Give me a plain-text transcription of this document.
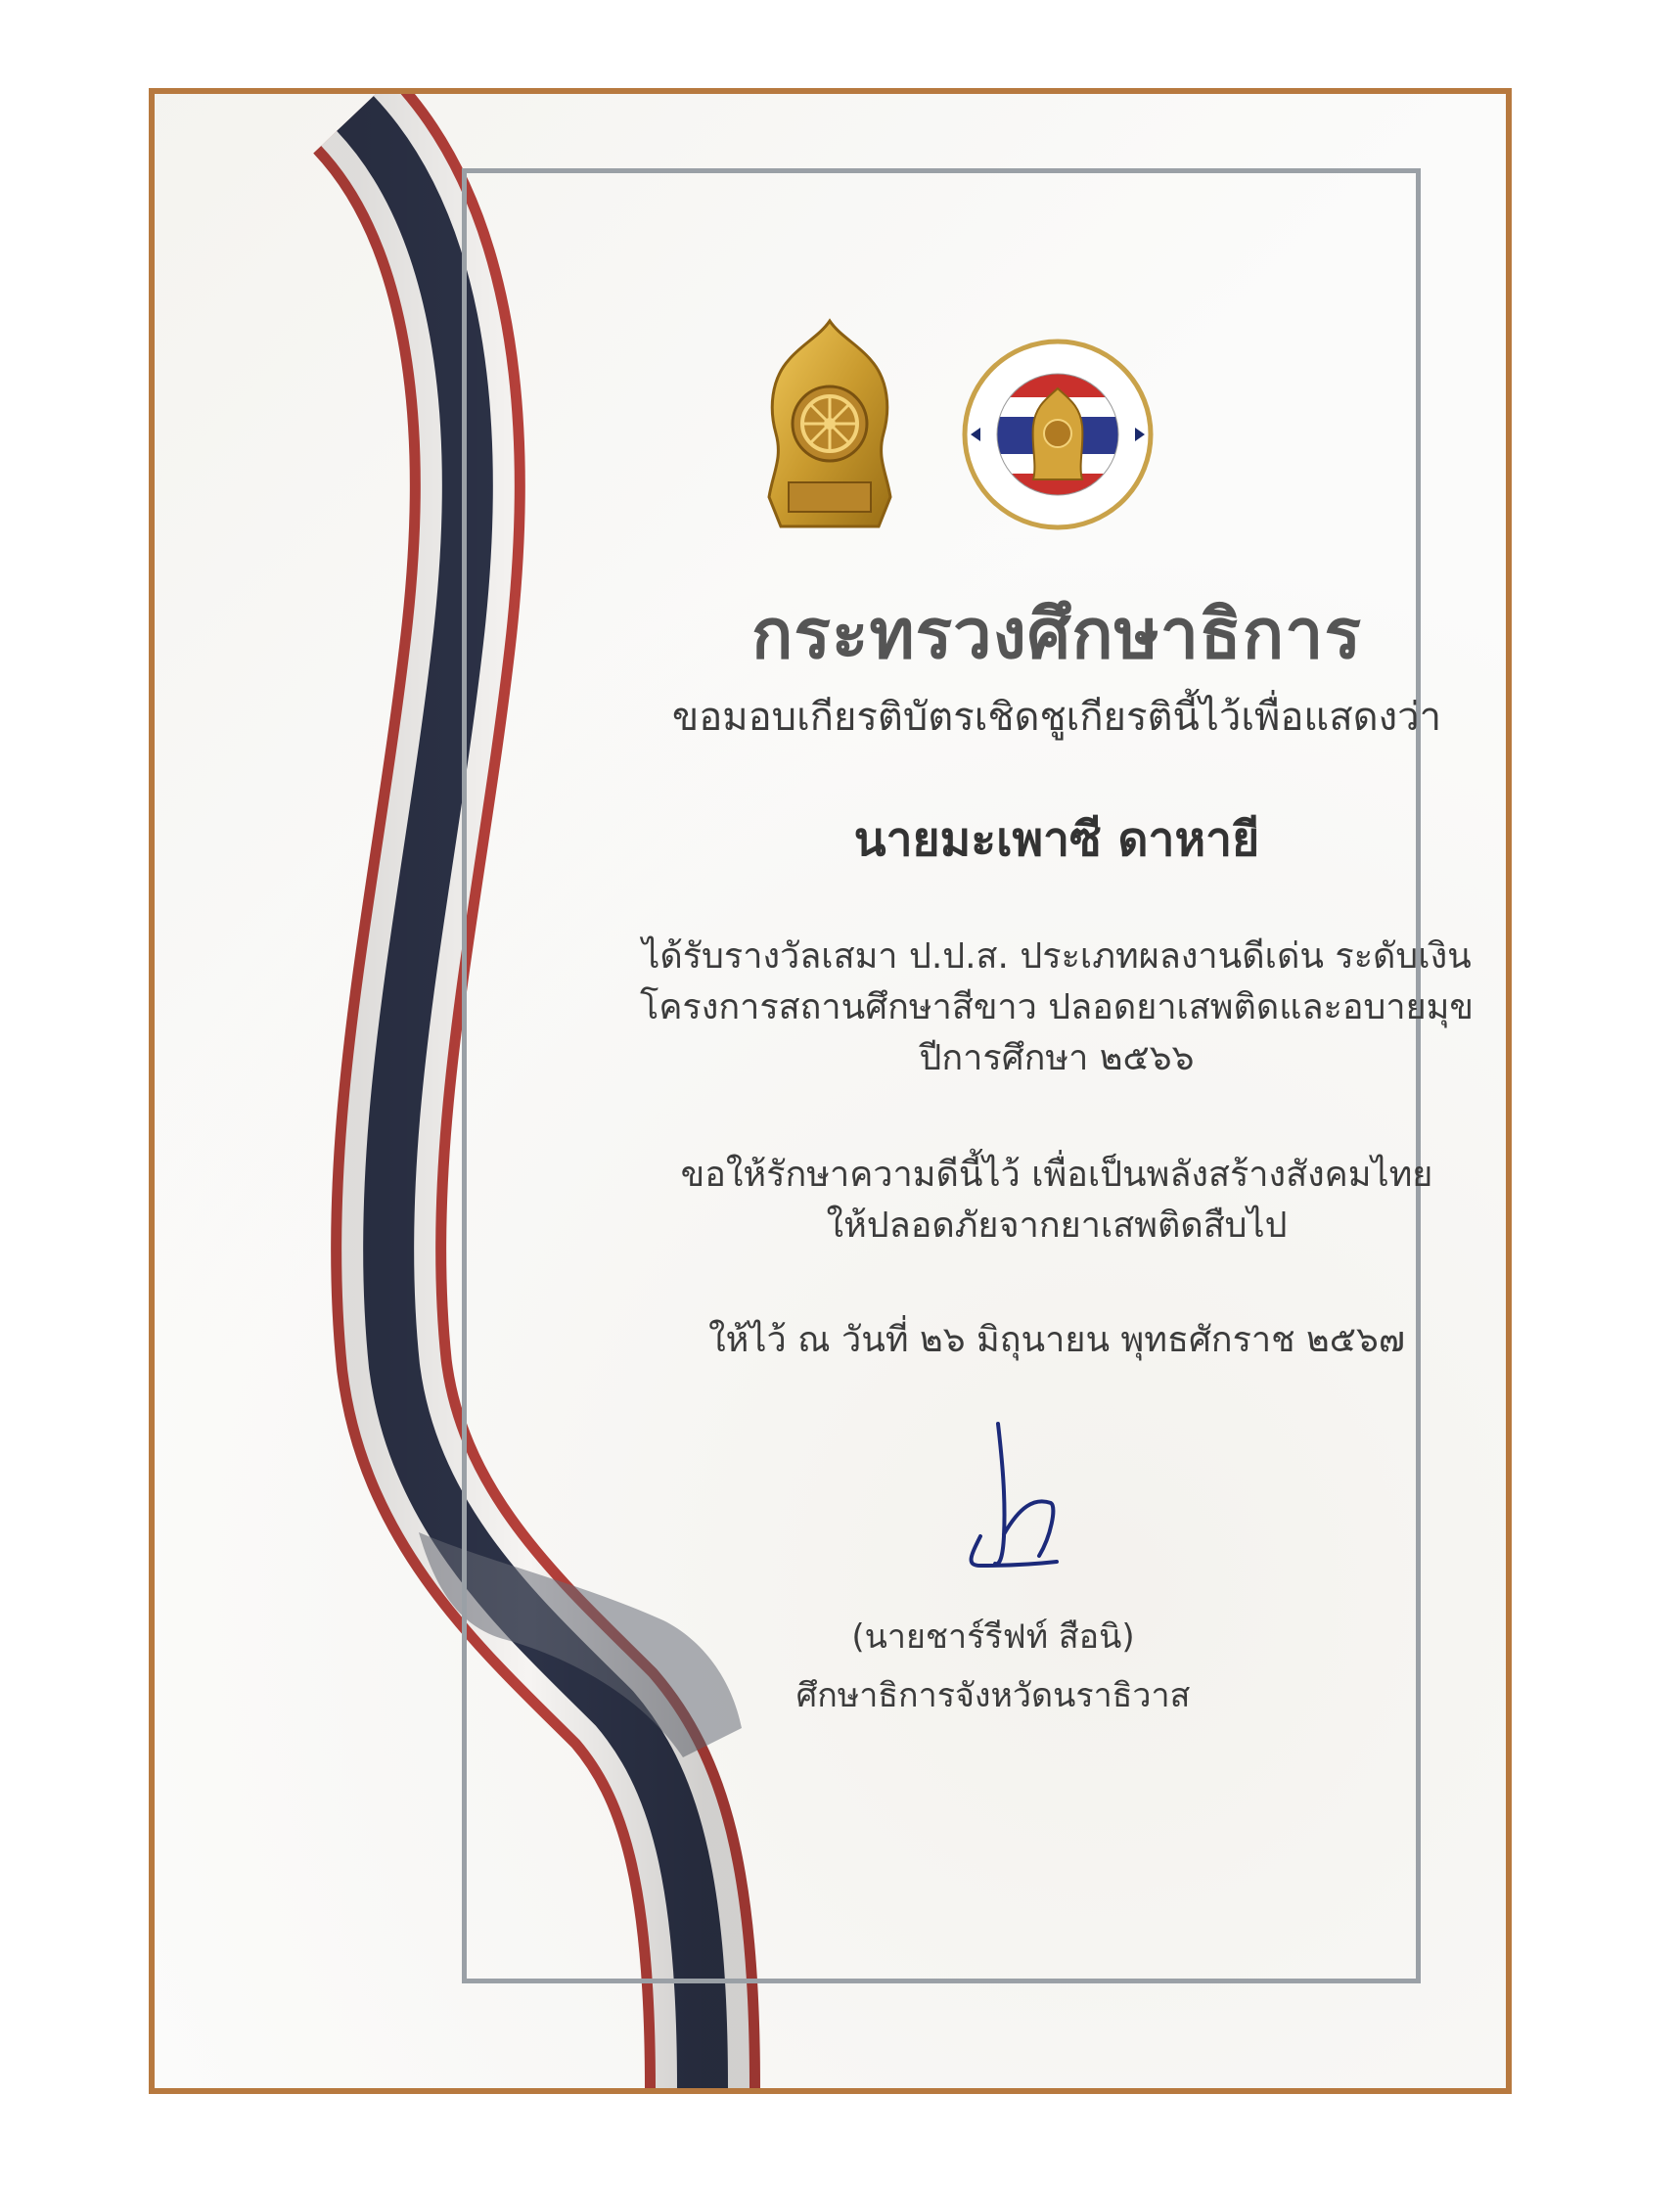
กระทรวงศึกษาธิการ
ขอมอบเกียรติบัตรเชิดชูเกียรตินี้ไว้เพื่อแสดงว่า
นายมะเพาซี ดาหายี
ได้รับรางวัลเสมา ป.ป.ส. ประเภทผลงานดีเด่น ระดับเงิน
โครงการสถานศึกษาสีขาว ปลอดยาเสพติดและอบายมุข
ปีการศึกษา ๒๕๖๖
ขอให้รักษาความดีนี้ไว้ เพื่อเป็นพลังสร้างสังคมไทย
ให้ปลอดภัยจากยาเสพติดสืบไป
ให้ไว้ ณ วันที่ ๒๖ มิถุนายน พุทธศักราช ๒๕๖๗
(นายชาร์รีฟท์ สือนิ)
ศึกษาธิการจังหวัดนราธิวาส
